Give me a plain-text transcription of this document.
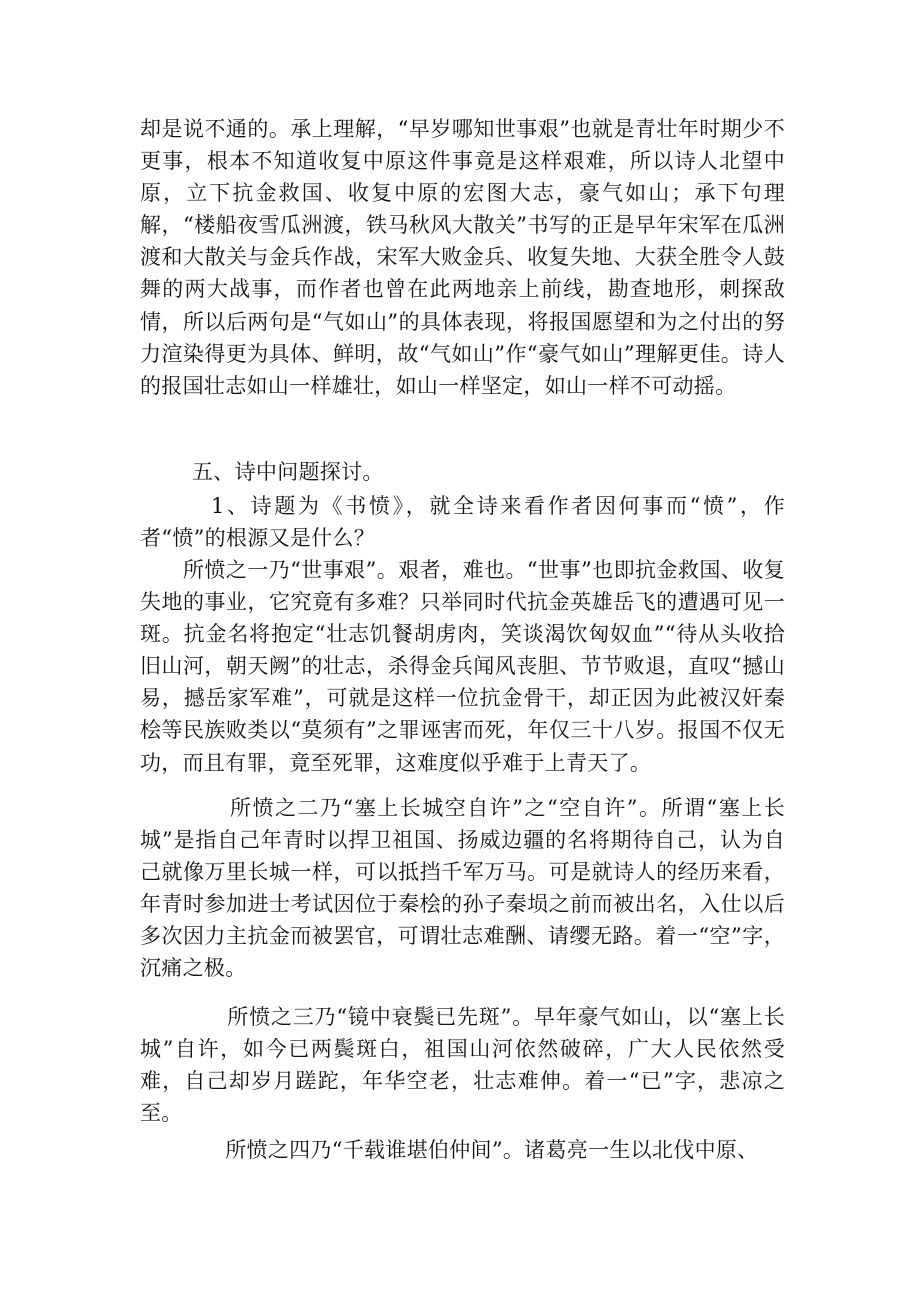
却是说不通的。承上理解，“早岁哪知世事艰”也就是青壮年时期少不更事，根本不知道收复中原这件事竟是这样艰难，所以诗人北望中原，立下抗金救国、收复中原的宏图大志，豪气如山；承下句理解，“楼船夜雪瓜洲渡，铁马秋风大散关”书写的正是早年宋军在瓜洲渡和大散关与金兵作战，宋军大败金兵、收复失地、大获全胜令人鼓舞的两大战事，而作者也曾在此两地亲上前线，勘查地形，刺探敌情，所以后两句是“气如山”的具体表现，将报国愿望和为之付出的努力渲染得更为具体、鲜明，故“气如山”作“豪气如山”理解更佳。诗人的报国壮志如山一样雄壮，如山一样坚定，如山一样不可动摇。

五、诗中问题探讨。

　　　1、诗题为《书愤》，就全诗来看作者因何事而“愤”，作者“愤”的根源又是什么？

　　所愤之一乃“世事艰”。艰者，难也。“世事”也即抗金救国、收复失地的事业，它究竟有多难？只举同时代抗金英雄岳飞的遭遇可见一斑。抗金名将抱定“壮志饥餐胡虏肉，笑谈渴饮匈奴血”“待从头收拾旧山河，朝天阙”的壮志，杀得金兵闻风丧胆、节节败退，直叹“撼山易，撼岳家军难”，可就是这样一位抗金骨干，却正因为此被汉奸秦桧等民族败类以“莫须有”之罪诬害而死，年仅三十八岁。报国不仅无功，而且有罪，竟至死罪，这难度似乎难于上青天了。

　　　　所愤之二乃“塞上长城空自许”之“空自许”。所谓“塞上长城”是指自己年青时以捍卫祖国、扬威边疆的名将期待自己，认为自己就像万里长城一样，可以抵挡千军万马。可是就诗人的经历来看，年青时参加进士考试因位于秦桧的孙子秦埙之前而被出名，入仕以后多次因力主抗金而被罢官，可谓壮志难酬、请缨无路。着一“空”字，沉痛之极。

　　　　所愤之三乃“镜中衰鬓已先斑”。早年豪气如山，以“塞上长城”自许，如今已两鬓斑白，祖国山河依然破碎，广大人民依然受难，自己却岁月蹉跎，年华空老，壮志难伸。着一“已”字，悲凉之至。

　　　　所愤之四乃“千载谁堪伯仲间”。诸葛亮一生以北伐中原、
